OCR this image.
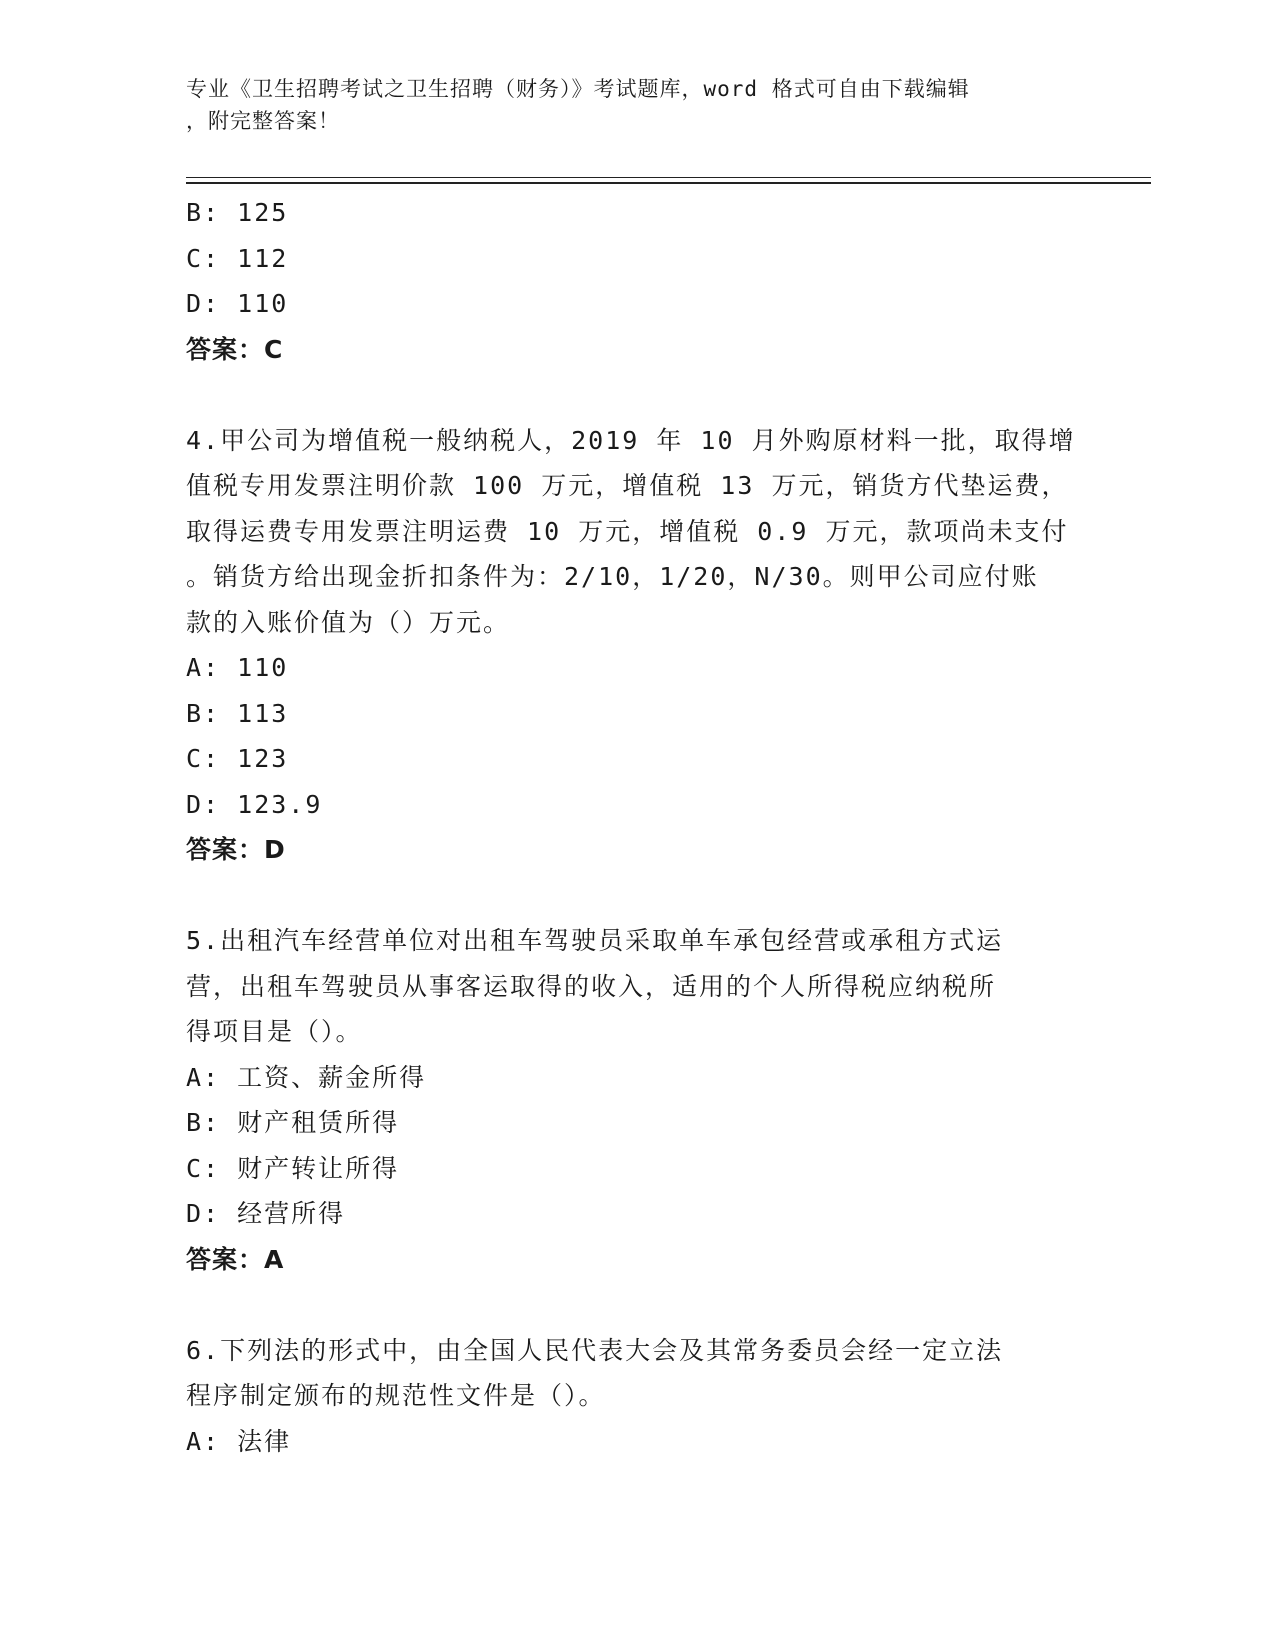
专业《卫生招聘考试之卫生招聘（财务）》考试题库，word 格式可自由下载编辑
，附完整答案！
B: 125
C: 112
D: 110
答案：C
4.甲公司为增值税一般纳税人，2019 年 10 月外购原材料一批，取得增
值税专用发票注明价款 100 万元，增值税 13 万元，销货方代垫运费，
取得运费专用发票注明运费 10 万元，增值税 0.9 万元，款项尚未支付
。销货方给出现金折扣条件为：2/10，1/20，N/30。则甲公司应付账
款的入账价值为（）万元。
A: 110
B: 113
C: 123
D: 123.9
答案：D
5.出租汽车经营单位对出租车驾驶员采取单车承包经营或承租方式运
营，出租车驾驶员从事客运取得的收入，适用的个人所得税应纳税所
得项目是（）。
A: 工资、薪金所得
B: 财产租赁所得
C: 财产转让所得
D: 经营所得
答案：A
6.下列法的形式中，由全国人民代表大会及其常务委员会经一定立法
程序制定颁布的规范性文件是（）。
A: 法律
